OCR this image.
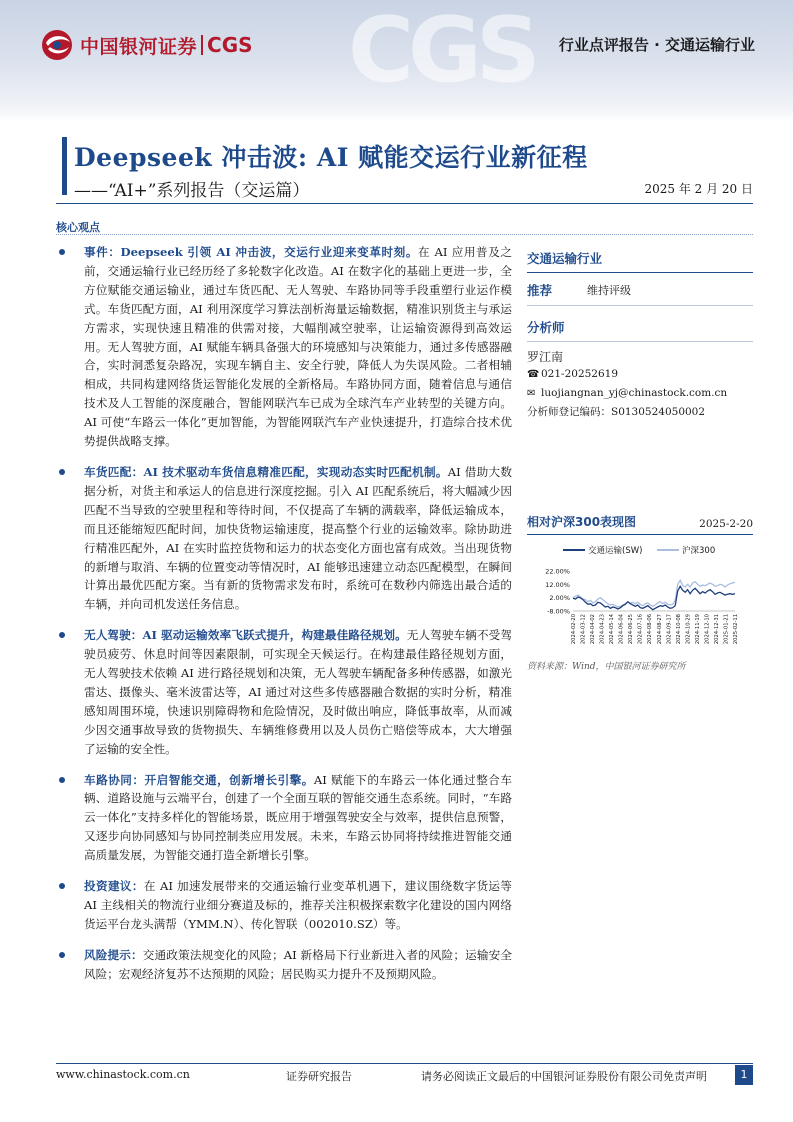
CGS
中国银河证券 CGS	行业点评报告 · 交通运输行业
Deepseek 冲击波: AI 赋能交运行业新征程
——“AI+”系列报告（交运篇）	2025 年 2 月 20 日
核心观点
事件：Deepseek 引领 AI 冲击波，交运行业迎来变革时刻。在 AI 应用普及之前，交通运输行业已经历经了多轮数字化改造。AI 在数字化的基础上更进一步，全方位赋能交通运输业，通过车货匹配、无人驾驶、车路协同等手段重塑行业运作模式。车货匹配方面，AI 利用深度学习算法剖析海量运输数据，精准识别货主与承运方需求，实现快速且精准的供需对接，大幅削减空驶率，让运输资源得到高效运用。无人驾驶方面，AI 赋能车辆具备强大的环境感知与决策能力，通过多传感器融合，实时洞悉复杂路况，实现车辆自主、安全行驶，降低人为失误风险。二者相辅相成，共同构建网络货运智能化发展的全新格局。车路协同方面，随着信息与通信技术及人工智能的深度融合，智能网联汽车已成为全球汽车产业转型的关键方向。AI 可使“车路云一体化”更加智能，为智能网联汽车产业快速提升，打造综合技术优势提供战略支撑。
车货匹配：AI 技术驱动车货信息精准匹配，实现动态实时匹配机制。AI 借助大数据分析，对货主和承运人的信息进行深度挖掘。引入 AI 匹配系统后，将大幅减少因匹配不当导致的空驶里程和等待时间，不仅提高了车辆的满载率，降低运输成本，而且还能缩短匹配时间，加快货物运输速度，提高整个行业的运输效率。除协助进行精准匹配外，AI 在实时监控货物和运力的状态变化方面也富有成效。当出现货物的新增与取消、车辆的位置变动等情况时，AI 能够迅速建立动态匹配模型，在瞬间计算出最优匹配方案。当有新的货物需求发布时，系统可在数秒内筛选出最合适的车辆，并向司机发送任务信息。
无人驾驶：AI 驱动运输效率飞跃式提升，构建最佳路径规划。无人驾驶车辆不受驾驶员疲劳、休息时间等因素限制，可实现全天候运行。在构建最佳路径规划方面，无人驾驶技术依赖 AI 进行路径规划和决策，无人驾驶车辆配备多种传感器，如激光雷达、摄像头、毫米波雷达等，AI 通过对这些多传感器融合数据的实时分析，精准感知周围环境，快速识别障碍物和危险情况，及时做出响应，降低事故率，从而减少因交通事故导致的货物损失、车辆维修费用以及人员伤亡赔偿等成本，大大增强了运输的安全性。
车路协同：开启智能交通，创新增长引擎。AI 赋能下的车路云一体化通过整合车辆、道路设施与云端平台，创建了一个全面互联的智能交通生态系统。同时，“车路云一体化”支持多样化的智能场景，既应用于增强驾驶安全与效率，提供信息预警，又逐步向协同感知与协同控制类应用发展。未来，车路云协同将持续推进智能交通高质量发展，为智能交通打造全新增长引擎。
投资建议：在 AI 加速发展带来的交通运输行业变革机遇下，建议围绕数字货运等 AI 主线相关的物流行业细分赛道及标的，推荐关注积极探索数字化建设的国内网络货运平台龙头满帮（YMM.N）、传化智联（002010.SZ）等。
风险提示：交通政策法规变化的风险；AI 新格局下行业新进入者的风险；运输安全风险；宏观经济复苏不达预期的风险；居民购买力提升不及预期风险。
交通运输行业
推荐	维持评级
分析师
罗江南
☎ 021-20252619
✉ luojiangnan_yj@chinastock.com.cn
分析师登记编码：S0130524050002
相对沪深300表现图	2025-2-20
交通运输(SW)	沪深300
22.00%
12.00%
2.00%
-8.00%
2024-02-20 2024-03-12 2024-04-02 2024-04-23 2024-05-14 2024-06-04 2024-06-25 2024-07-16 2024-08-06 2024-08-27 2024-09-17 2024-10-08 2024-10-29 2024-11-19 2024-12-10 2024-12-31 2025-01-21 2025-02-11
资料来源：Wind，中国银河证券研究所
www.chinastock.com.cn	证券研究报告	请务必阅读正文最后的中国银河证券股份有限公司免责声明	1
